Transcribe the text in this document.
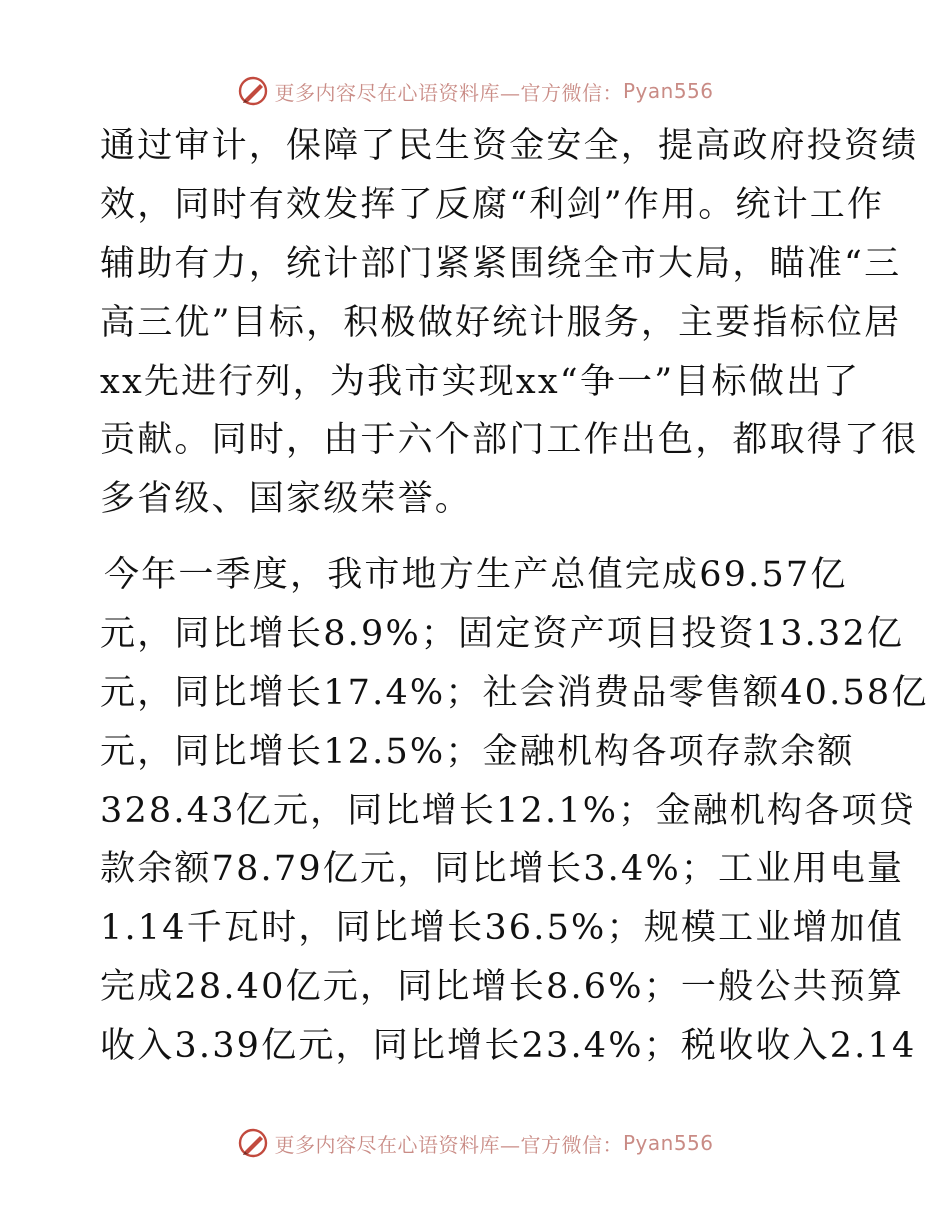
更多内容尽在心语资料库—官方微信： Pyan556
通过审计，保障了民生资金安全，提高政府投资绩
效，同时有效发挥了反腐“利剑”作用。统计工作
辅助有力，统计部门紧紧围绕全市大局，瞄准“三
高三优”目标，积极做好统计服务，主要指标位居
xx先进行列，为我市实现xx“争一”目标做出了
贡献。同时，由于六个部门工作出色，都取得了很
多省级、国家级荣誉。
今年一季度，我市地方生产总值完成69.57亿
元，同比增长8.9%；固定资产项目投资13.32亿
元，同比增长17.4%；社会消费品零售额40.58亿
元，同比增长12.5%；金融机构各项存款余额
328.43亿元，同比增长12.1%；金融机构各项贷
款余额78.79亿元，同比增长3.4%；工业用电量
1.14千瓦时，同比增长36.5%；规模工业增加值
完成28.40亿元，同比增长8.6%；一般公共预算
收入3.39亿元，同比增长23.4%；税收收入2.14
更多内容尽在心语资料库—官方微信： Pyan556
